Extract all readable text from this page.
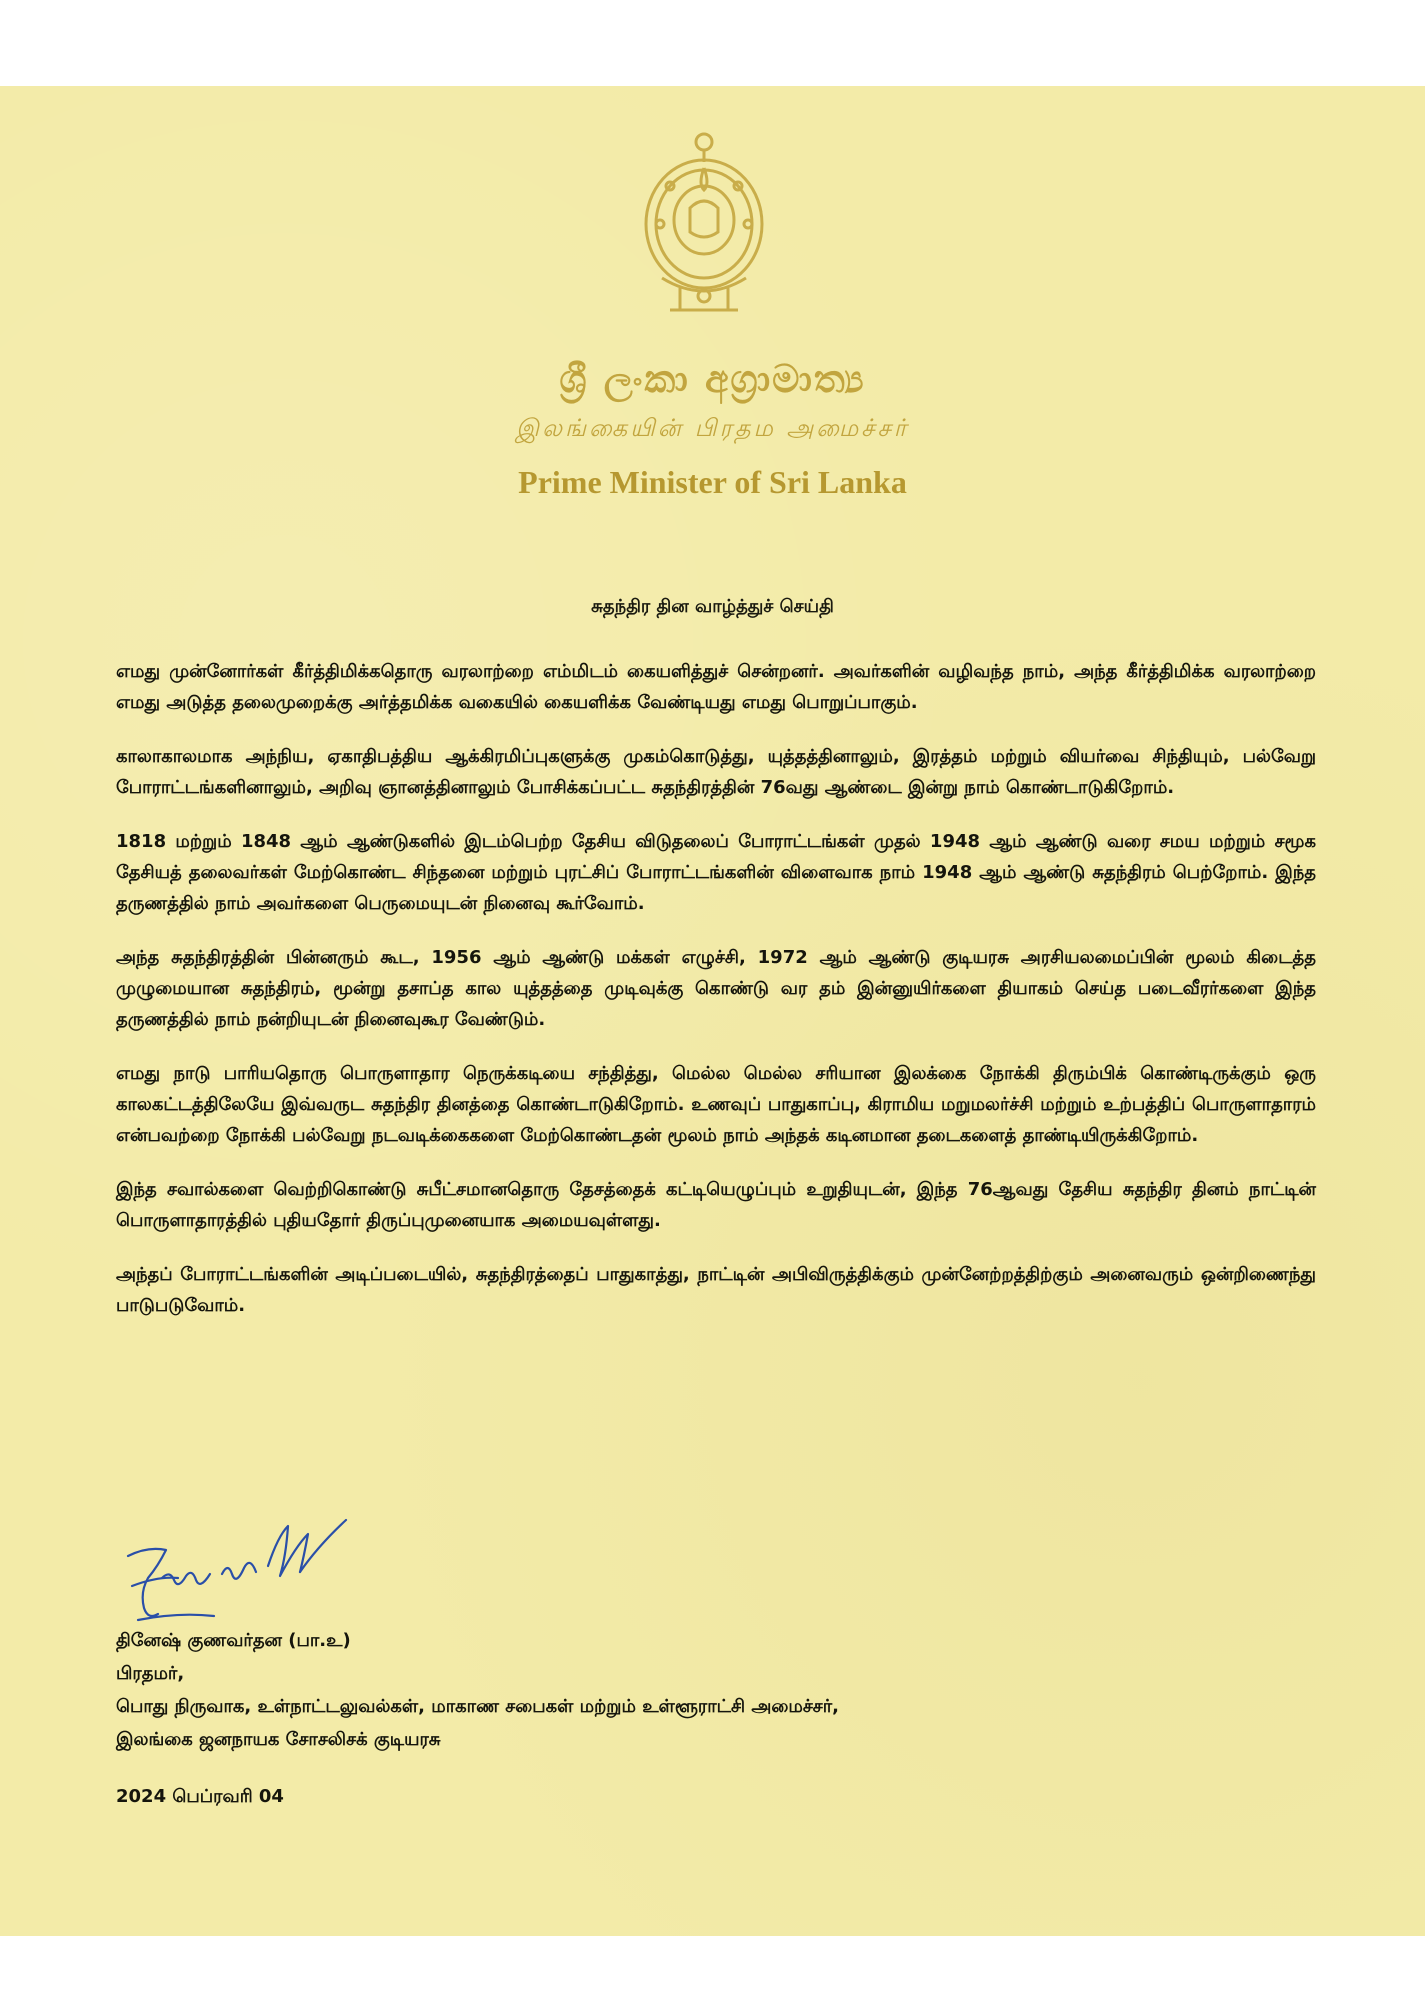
ශ්‍රී ලංකා අග්‍රාමාත්‍ය
இலங்கையின் பிரதம அமைச்சர்
Prime Minister of Sri Lanka
சுதந்திர தின வாழ்த்துச் செய்தி

எமது முன்னோர்கள் கீர்த்திமிக்கதொரு வரலாற்றை எம்மிடம் கையளித்துச் சென்றனர். அவர்களின் வழிவந்த நாம், அந்த கீர்த்திமிக்க வரலாற்றை எமது அடுத்த தலைமுறைக்கு அர்த்தமிக்க வகையில் கையளிக்க வேண்டியது எமது பொறுப்பாகும்.

காலாகாலமாக அந்நிய, ஏகாதிபத்திய ஆக்கிரமிப்புகளுக்கு முகம்கொடுத்து, யுத்தத்தினாலும், இரத்தம் மற்றும் வியர்வை சிந்தியும், பல்வேறு போராட்டங்களினாலும், அறிவு ஞானத்தினாலும் போசிக்கப்பட்ட சுதந்திரத்தின் 76வது ஆண்டை இன்று நாம் கொண்டாடுகிறோம்.

1818 மற்றும் 1848 ஆம் ஆண்டுகளில் இடம்பெற்ற தேசிய விடுதலைப் போராட்டங்கள் முதல் 1948 ஆம் ஆண்டு வரை சமய மற்றும் சமூக தேசியத் தலைவர்கள் மேற்கொண்ட சிந்தனை மற்றும் புரட்சிப் போராட்டங்களின் விளைவாக நாம் 1948 ஆம் ஆண்டு சுதந்திரம் பெற்றோம். இந்த தருணத்தில் நாம் அவர்களை பெருமையுடன் நினைவு கூர்வோம்.

அந்த சுதந்திரத்தின் பின்னரும் கூட, 1956 ஆம் ஆண்டு மக்கள் எழுச்சி, 1972 ஆம் ஆண்டு குடியரசு அரசியலமைப்பின் மூலம் கிடைத்த முழுமையான சுதந்திரம், மூன்று தசாப்த கால யுத்தத்தை முடிவுக்கு கொண்டு வர தம் இன்னுயிர்களை தியாகம் செய்த படைவீரர்களை இந்த தருணத்தில் நாம் நன்றியுடன் நினைவுகூர வேண்டும்.

எமது நாடு பாரியதொரு பொருளாதார நெருக்கடியை சந்தித்து, மெல்ல மெல்ல சரியான இலக்கை நோக்கி திரும்பிக் கொண்டிருக்கும் ஒரு காலகட்டத்திலேயே இவ்வருட சுதந்திர தினத்தை கொண்டாடுகிறோம். உணவுப் பாதுகாப்பு, கிராமிய மறுமலர்ச்சி மற்றும் உற்பத்திப் பொருளாதாரம் என்பவற்றை நோக்கி பல்வேறு நடவடிக்கைகளை மேற்கொண்டதன் மூலம் நாம் அந்தக் கடினமான தடைகளைத் தாண்டியிருக்கிறோம்.

இந்த சவால்களை வெற்றிகொண்டு சுபீட்சமானதொரு தேசத்தைக் கட்டியெழுப்பும் உறுதியுடன், இந்த 76ஆவது தேசிய சுதந்திர தினம் நாட்டின் பொருளாதாரத்தில் புதியதோர் திருப்புமுனையாக அமையவுள்ளது.

அந்தப் போராட்டங்களின் அடிப்படையில், சுதந்திரத்தைப் பாதுகாத்து, நாட்டின் அபிவிருத்திக்கும் முன்னேற்றத்திற்கும் அனைவரும் ஒன்றிணைந்து பாடுபடுவோம்.

தினேஷ் குணவர்தன (பா.உ)
பிரதமர்,
பொது நிருவாக, உள்நாட்டலுவல்கள், மாகாண சபைகள் மற்றும் உள்ளூராட்சி அமைச்சர்,
இலங்கை ஜனநாயக சோசலிசக் குடியரசு
2024 பெப்ரவரி 04
